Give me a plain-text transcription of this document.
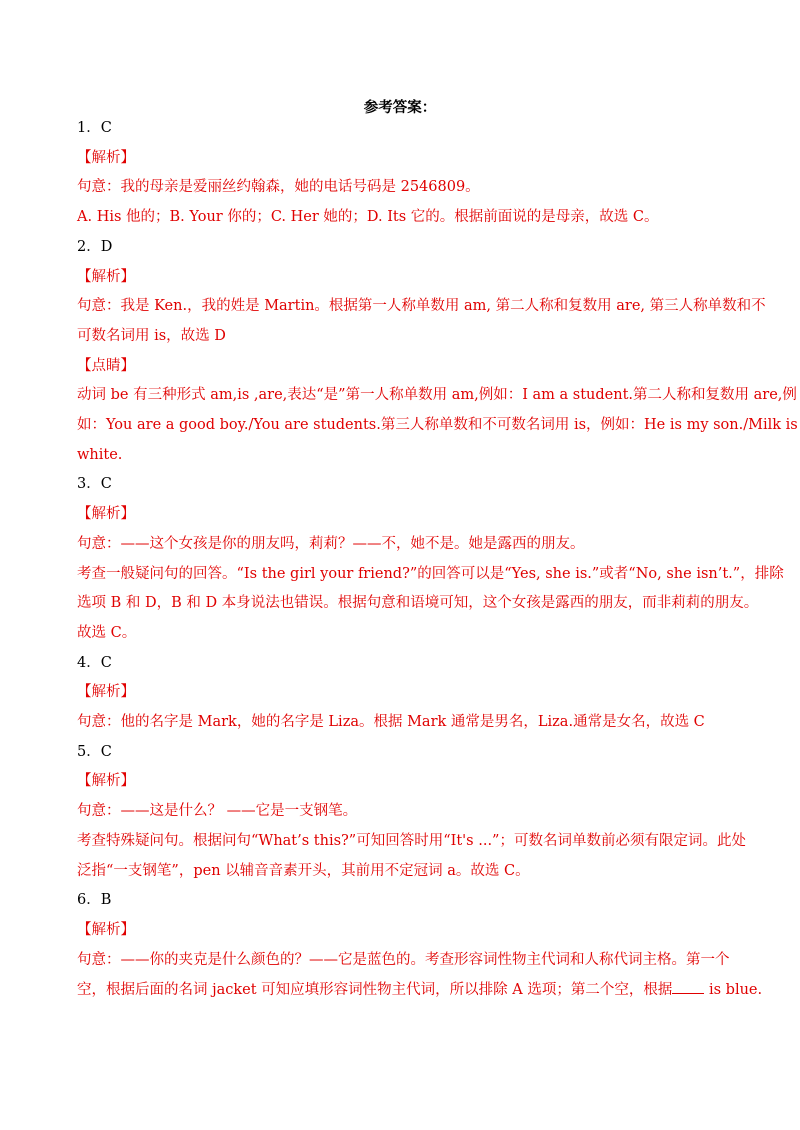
参考答案：
1．C
【解析】
句意：我的母亲是爱丽丝约翰森，她的电话号码是 2546809。
A. His 他的；B. Your 你的；C. Her 她的；D. Its 它的。根据前面说的是母亲，故选 C。
2．D
【解析】
句意：我是 Ken.，我的姓是 Martin。根据第一人称单数用 am, 第二人称和复数用 are, 第三人称单数和不
可数名词用 is，故选 D
【点睛】
动词 be 有三种形式 am,is ,are,表达“是”第一人称单数用 am,例如：I am a student.第二人称和复数用 are,例
如：You are a good boy./You are students.第三人称单数和不可数名词用 is，例如：He is my son./Milk is
white.
3．C
【解析】
句意：——这个女孩是你的朋友吗，莉莉？——不，她不是。她是露西的朋友。
考查一般疑问句的回答。“Is the girl your friend?”的回答可以是“Yes, she is.”或者“No, she isn’t.”，排除
选项 B 和 D，B 和 D 本身说法也错误。根据句意和语境可知，这个女孩是露西的朋友，而非莉莉的朋友。
故选 C。
4．C
【解析】
句意：他的名字是 Mark，她的名字是 Liza。根据 Mark 通常是男名，Liza.通常是女名，故选 C
5．C
【解析】
句意：——这是什么？ ——它是一支钢笔。
考查特殊疑问句。根据问句“What’s this?”可知回答时用“It's ...”；可数名词单数前必须有限定词。此处
泛指“一支钢笔”，pen 以辅音音素开头，其前用不定冠词 a。故选 C。
6．B
【解析】
句意：——你的夹克是什么颜色的？——它是蓝色的。考查形容词性物主代词和人称代词主格。第一个
空，根据后面的名词 jacket 可知应填形容词性物主代词，所以排除 A 选项；第二个空，根据 is blue.
